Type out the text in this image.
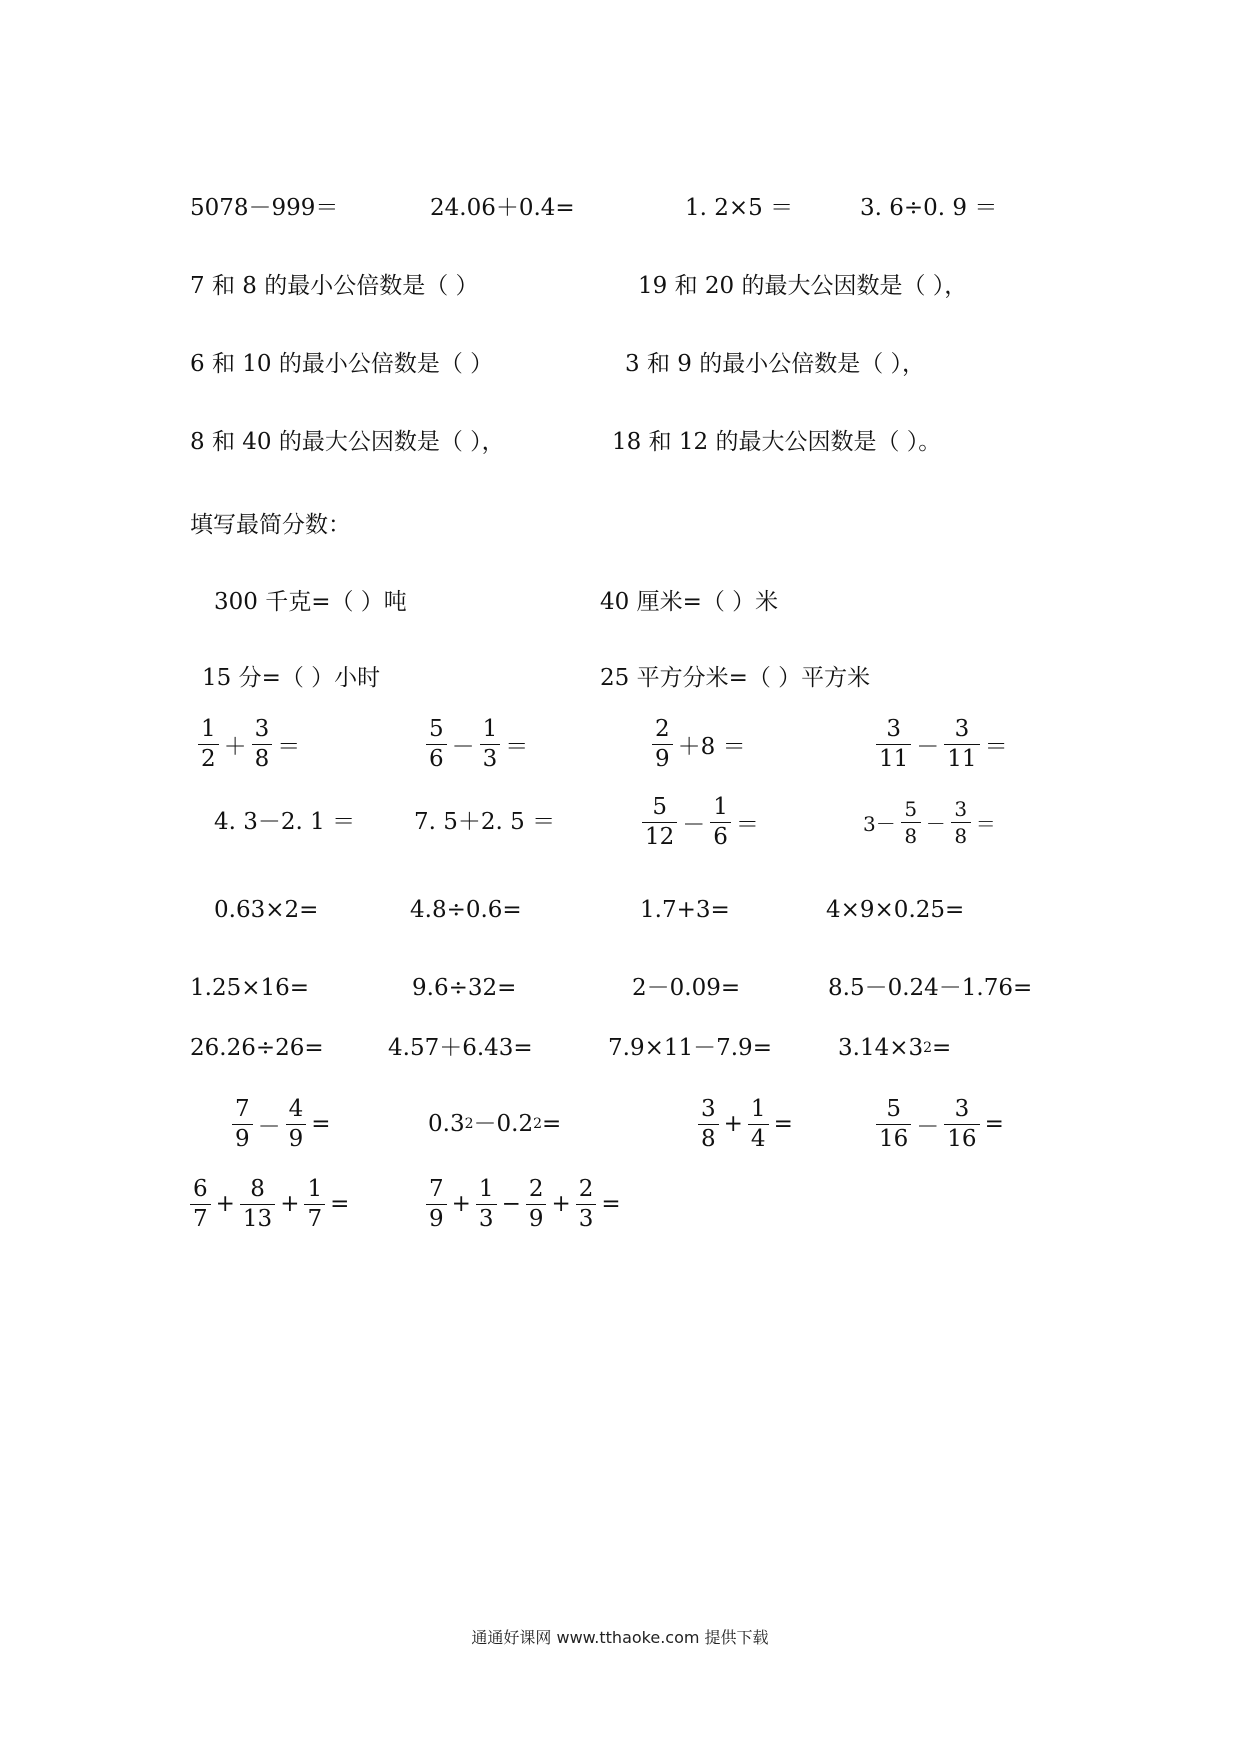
5078－999＝	24.06＋0.4=	1. 2×5 ＝	3. 6÷0. 9 ＝
7 和 8 的最小公倍数是（ ）	19 和 20 的最大公因数是（ ），
6 和 10 的最小公倍数是（ ）	3 和 9 的最小公倍数是（ ），
8 和 40 的最大公因数是（ ），	18 和 12 的最大公因数是（ ）。
填写最简分数：
300 千克=（ ）吨	40 厘米=（ ）米
15 分=（ ）小时	25 平方分米=（ ）平方米
$\frac{1}{2} + \frac{3}{8}$ ＝	$\frac{5}{6} - \frac{1}{3}$ ＝	$\frac{2}{9} +8$ ＝	$\frac{3}{11} - \frac{3}{11}$ ＝
4. 3－2. 1 ＝	7. 5＋2. 5 ＝	$\frac{5}{12} - \frac{1}{6}$ ＝	$3- \frac{5}{8} - \frac{3}{8}$ ＝
0.63×2=	4.8÷0.6=	1.7+3=	4×9×0.25=
1.25×16=	9.6÷32=	2－0.09=	8.5－0.24－1.76=
26.26÷26=	4.57＋6.43=	7.9×11－7.9=	3.14×3 2 =
$\frac{7}{9} - \frac{4}{9}$ =	0.3 2 － 0.2 2 =	$\frac{3}{8} + \frac{1}{4}$ =	$\frac{5}{16} - \frac{3}{16}$ =
$\frac{6}{7} + \frac{8}{13} + \frac{1}{7}$ =	$\frac{7}{9} + \frac{1}{3} - \frac{2}{9} + \frac{2}{3}$ =
通通好课网 www.tthaoke.com 提供下载
